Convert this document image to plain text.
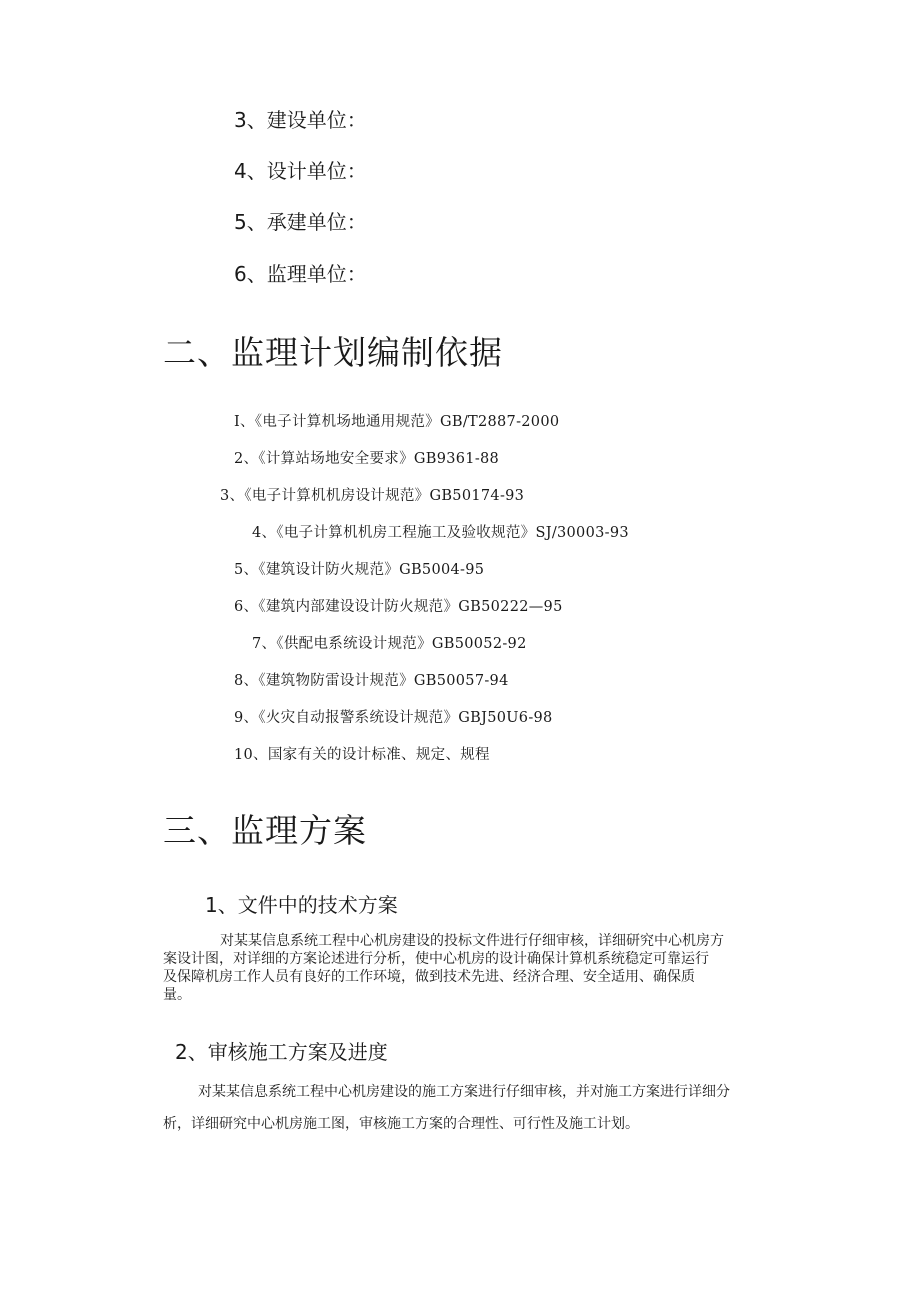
3、建设单位：
4、设计单位：
5、承建单位：
6、监理单位：
二、监理计划编制依据
I、《电子计算机场地通用规范》GB/T2887-2000
2、《计算站场地安全要求》GB9361-88
3、《电子计算机机房设计规范》GB50174-93
4、《电子计算机机房工程施工及验收规范》SJ/30003-93
5、《建筑设计防火规范》GB5004-95
6、《建筑内部建设设计防火规范》GB50222—95
7、《供配电系统设计规范》GB50052-92
8、《建筑物防雷设计规范》GB50057-94
9、《火灾自动报警系统设计规范》GBJ50U6-98
10、国家有关的设计标准、规定、规程
三、监理方案
1、文件中的技术方案
对某某信息系统工程中心机房建设的投标文件进行仔细审核，详细研究中心机房方
案设计图，对详细的方案论述进行分析，使中心机房的设计确保计算机系统稳定可靠运行
及保障机房工作人员有良好的工作环境，做到技术先进、经济合理、安全适用、确保质
量。
2、审核施工方案及进度
对某某信息系统工程中心机房建设的施工方案进行仔细审核，并对施工方案进行详细分
析，详细研究中心机房施工图，审核施工方案的合理性、可行性及施工计划。
